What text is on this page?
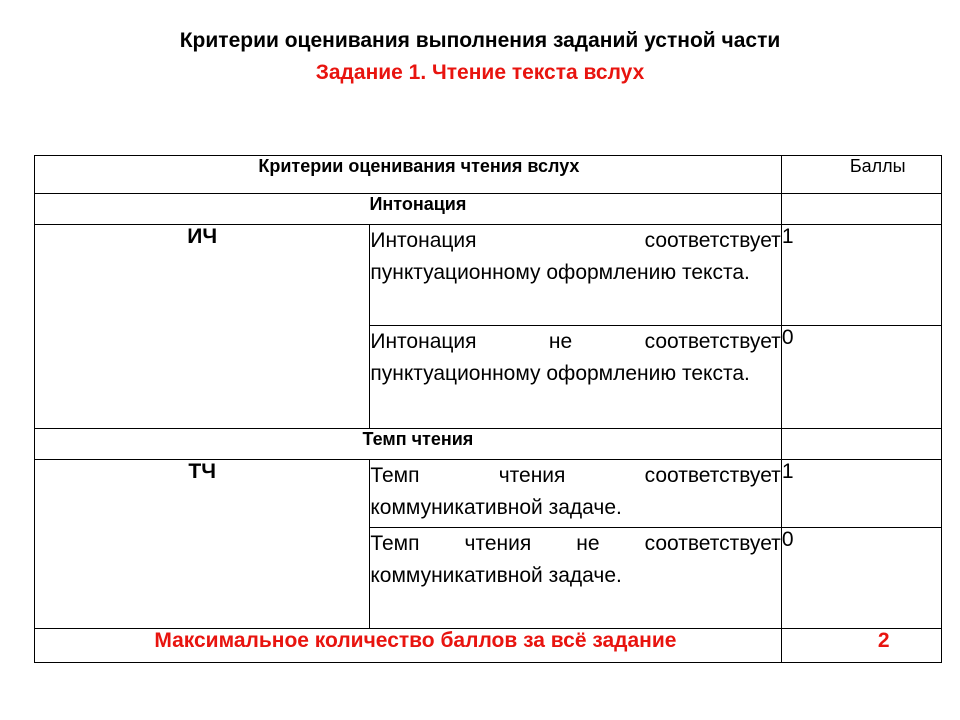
Критерии оценивания выполнения заданий устной части
Задание 1. Чтение текста вслух
Критерии оценивания чтения вслух		Баллы
Интонация		
ИЧ	Интонация соответствует пунктуационному оформлению текста.	1
	Интонация не соответствует пунктуационному оформлению текста.	0
Темп чтения		
ТЧ	Темп чтения соответствует коммуникативной задаче.	1
	Темп чтения не соответствует коммуникативной задаче.	0
Максимальное количество баллов за всё задание		2
